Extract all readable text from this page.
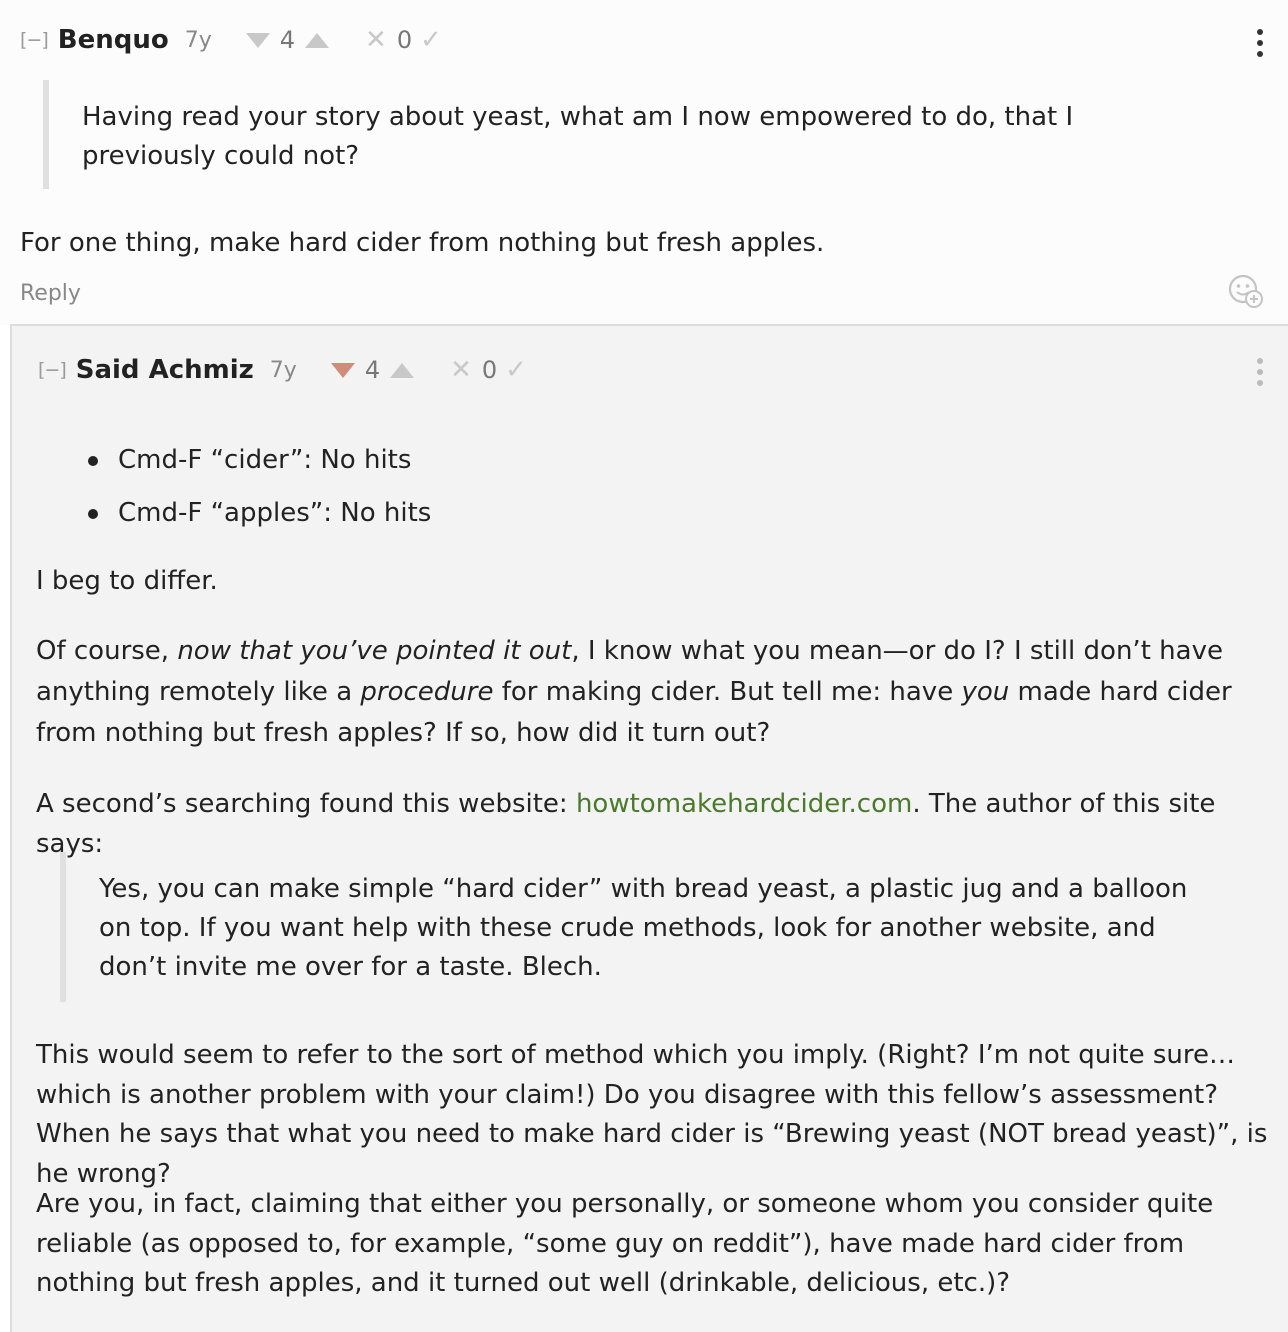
[−] Benquo 7y	4	✕ 0 ✓
Having read your story about yeast, what am I now empowered to do, that I previously could not?
For one thing, make hard cider from nothing but fresh apples.
Reply
[−] Said Achmiz 7y	4	✕ 0 ✓
Cmd-F “cider”: No hits
Cmd-F “apples”: No hits
I beg to differ.
Of course, now that you’ve pointed it out, I know what you mean—or do I? I still don’t have anything remotely like a procedure for making cider. But tell me: have you made hard cider from nothing but fresh apples? If so, how did it turn out?
A second’s searching found this website: howtomakehardcider.com. The author of this site says:
Yes, you can make simple “hard cider” with bread yeast, a plastic jug and a balloon on top. If you want help with these crude methods, look for another website, and don’t invite me over for a taste. Blech.
This would seem to refer to the sort of method which you imply. (Right? I’m not quite sure… which is another problem with your claim!) Do you disagree with this fellow’s assessment? When he says that what you need to make hard cider is “Brewing yeast (NOT bread yeast)”, is he wrong?
Are you, in fact, claiming that either you personally, or someone whom you consider quite reliable (as opposed to, for example, “some guy on reddit”), have made hard cider from nothing but fresh apples, and it turned out well (drinkable, delicious, etc.)?
